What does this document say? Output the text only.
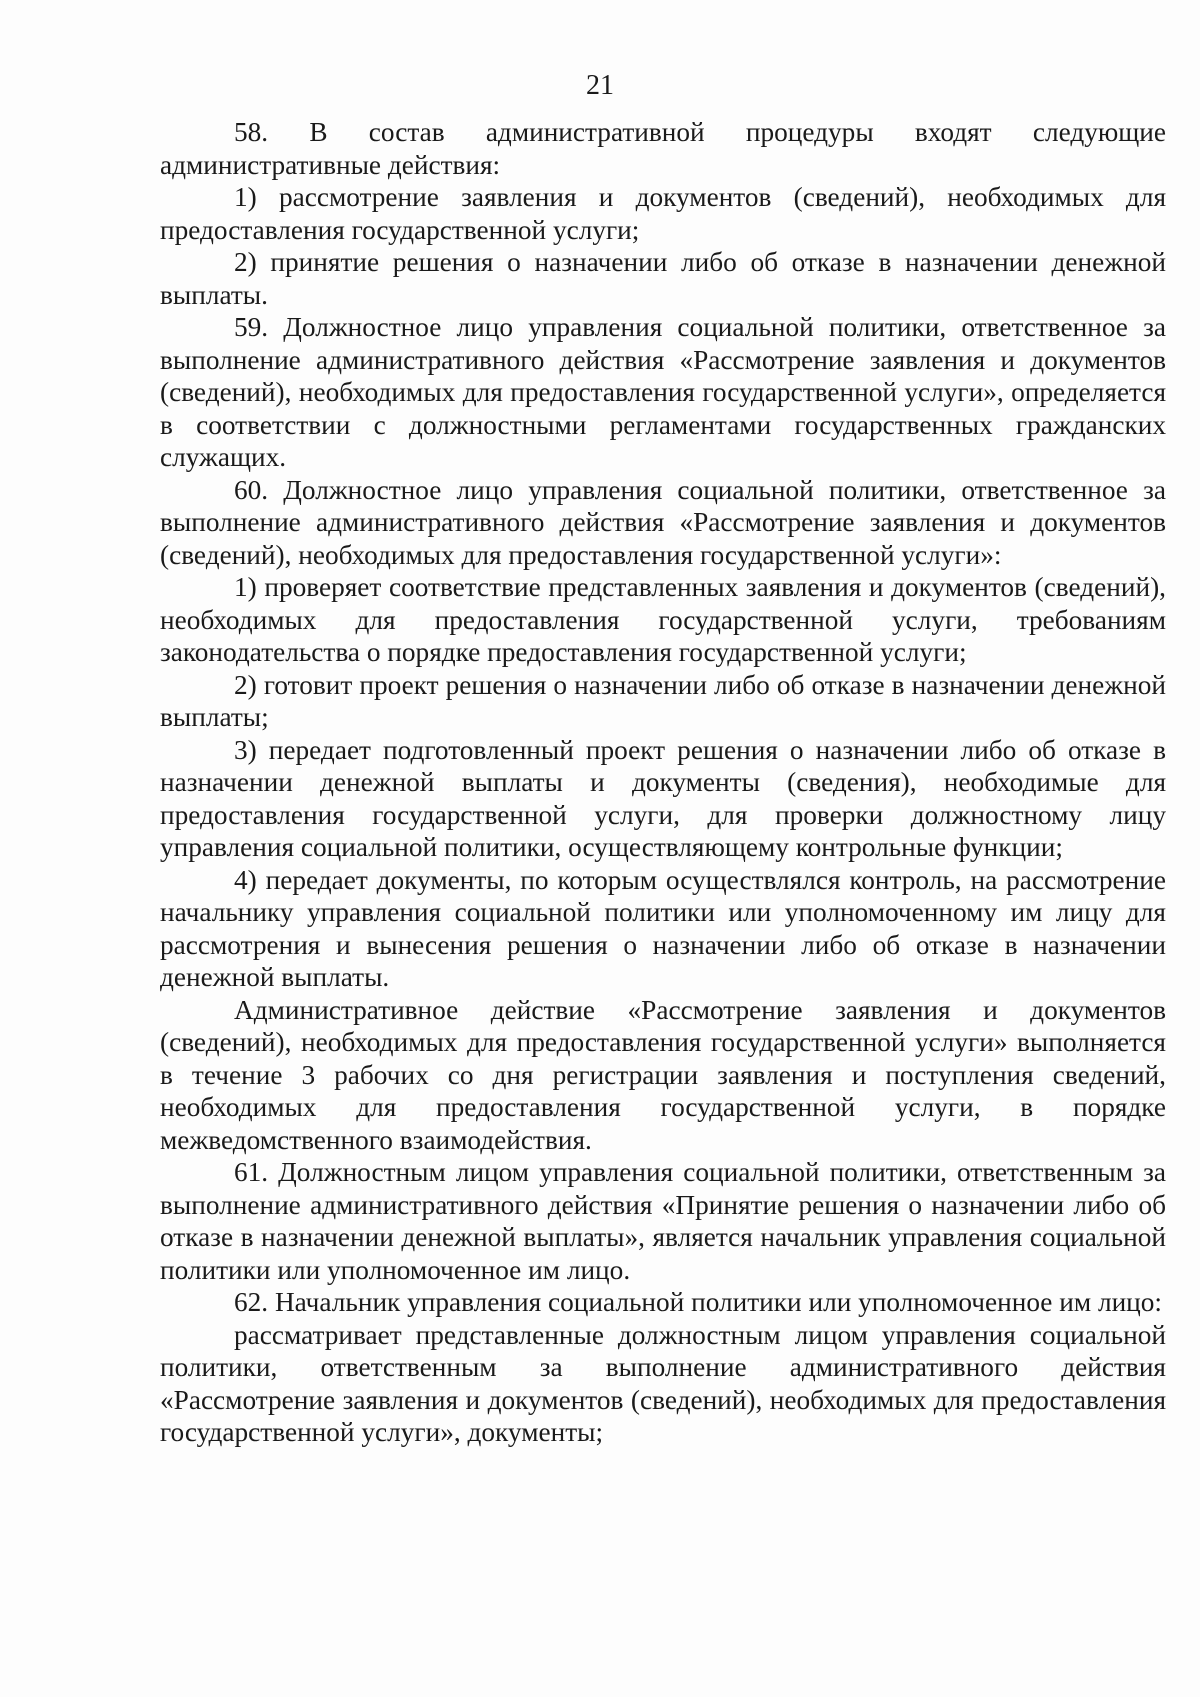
21

58. В состав административной процедуры входят следующие административные действия:

1) рассмотрение заявления и документов (сведений), необходимых для предоставления государственной услуги;

2) принятие решения о назначении либо об отказе в назначении денежной выплаты.

59. Должностное лицо управления социальной политики, ответственное за выполнение административного действия «Рассмотрение заявления и документов (сведений), необходимых для предоставления государственной услуги», определяется в соответствии с должностными регламентами государственных гражданских служащих.

60. Должностное лицо управления социальной политики, ответственное за выполнение административного действия «Рассмотрение заявления и документов (сведений), необходимых для предоставления государственной услуги»:

1) проверяет соответствие представленных заявления и документов (сведений), необходимых для предоставления государственной услуги, требованиям законодательства о порядке предоставления государственной услуги;

2) готовит проект решения о назначении либо об отказе в назначении денежной выплаты;

3) передает подготовленный проект решения о назначении либо об отказе в назначении денежной выплаты и документы (сведения), необходимые для предоставления государственной услуги, для проверки должностному лицу управления социальной политики, осуществляющему контрольные функции;

4) передает документы, по которым осуществлялся контроль, на рассмотрение начальнику управления социальной политики или уполномоченному им лицу для рассмотрения и вынесения решения о назначении либо об отказе в назначении денежной выплаты.

Административное действие «Рассмотрение заявления и документов (сведений), необходимых для предоставления государственной услуги» выполняется в течение 3 рабочих со дня регистрации заявления и поступления сведений, необходимых для предоставления государственной услуги, в порядке межведомственного взаимодействия.

61. Должностным лицом управления социальной политики, ответственным за выполнение административного действия «Принятие решения о назначении либо об отказе в назначении денежной выплаты», является начальник управления социальной политики или уполномоченное им лицо.

62. Начальник управления социальной политики или уполномоченное им лицо:

рассматривает представленные должностным лицом управления социальной политики, ответственным за выполнение административного действия «Рассмотрение заявления и документов (сведений), необходимых для предоставления государственной услуги», документы;
